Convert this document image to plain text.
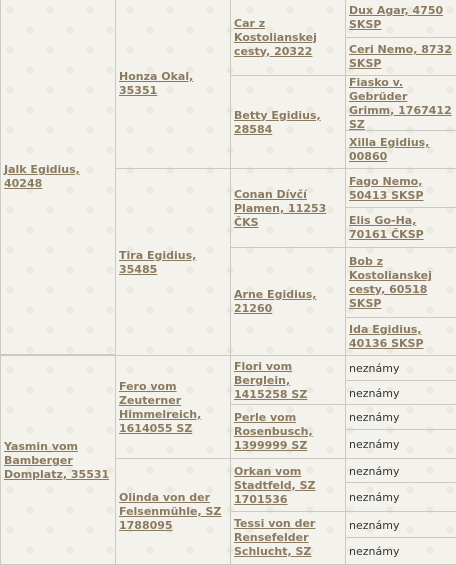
Jalk Egidius, 40248
Yasmin vom Bamberger Domplatz, 35531
Honza Okal, 35351
Tira Egidius, 35485
Fero vom Zeuterner Himmelreich, 1614055 SZ
Olinda von der Felsenmühle, SZ 1788095
Car z Kostolianskej cesty, 20322
Betty Egidius, 28584
Conan Dívčí Plamen, 11253 ČKS
Arne Egidius, 21260
Flori vom Berglein, 1415258 SZ
Perle vom Rosenbusch, 1399999 SZ
Orkan vom Stadtfeld, SZ 1701536
Tessi von der Rensefelder Schlucht, SZ
Dux Agar, 4750 SKSP
Ceri Nemo, 8732 SKSP
Fiasko v. Gebrüder Grimm, 1767412 SZ
Xilla Egidius, 00860
Fago Nemo, 50413 SKSP
Elis Go-Ha, 70161 ČKSP
Bob z Kostolianskej cesty, 60518 SKSP
Ida Egidius, 40136 SKSP
neznámy
neznámy
neznámy
neznámy
neznámy
neznámy
neznámy
neznámy
